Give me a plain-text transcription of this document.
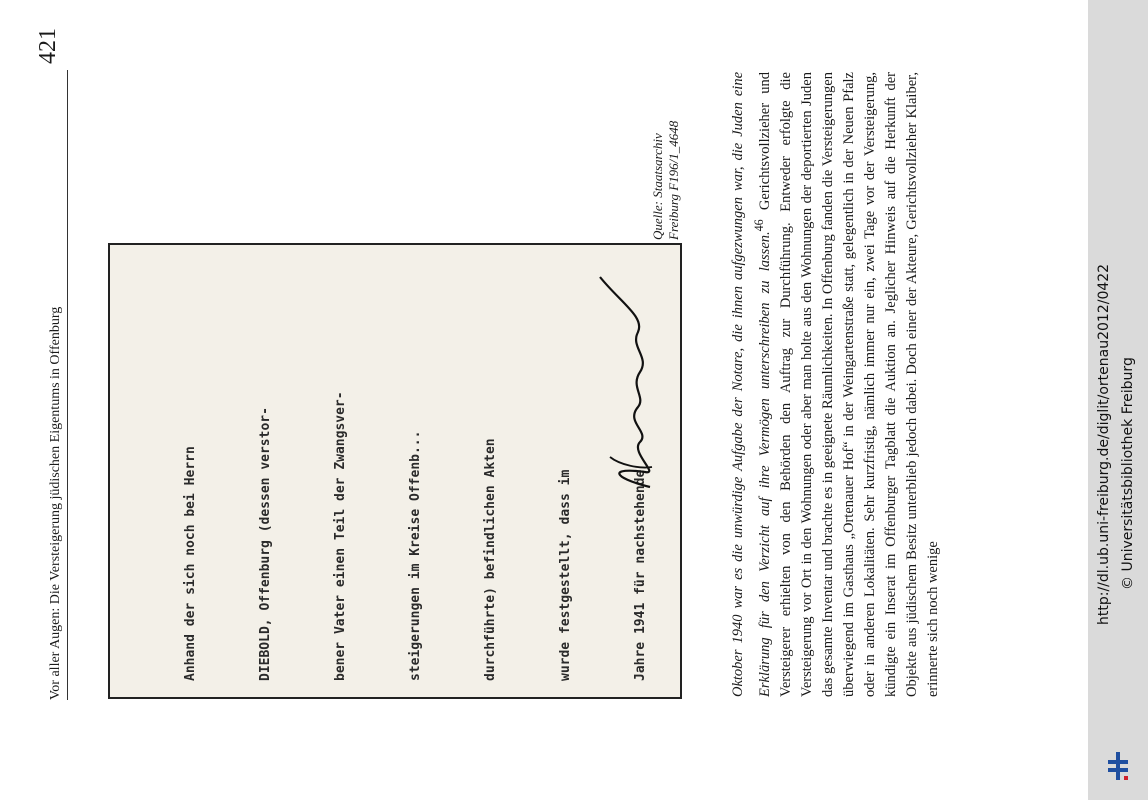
Vor aller Augen: Die Versteigerung jüdischen Eigentums in Offenburg
421

Anhand der sich noch bei Herrn

	DIEBOLD, Offenburg (dessen verstor-

	bener Vater einen Teil der Zwangsver-

	steigerungen im Kreise Offenb...

	durchführte) befindlichen Akten

	wurde festgestellt, dass im

	Jahre 1941 für nachstehende

Quelle: Staatsarchiv Freiburg F196/1_4648	Oktober 1940 war es die unwürdige Aufgabe der Notare, die ihnen aufgezwungen war, die Juden eine Erklärung für den Verzicht auf ihre Vermögen unterschreiben zu lassen.$^{46}$ Gerichtsvollzieher und Versteigerer erhielten von den Behörden den Auftrag zur Durchführung. Entweder erfolgte die Versteigerung vor Ort in den Wohnungen oder aber man holte aus den Wohnungen der deportierten Juden das gesamte Inventar und brachte es in geeignete Räumlichkeiten. In Offenburg fanden die Versteigerungen überwiegend im Gasthaus „Ortenauer Hof“ in der Weingartenstraße statt, gelegentlich in der Neuen Pfalz oder in anderen Lokalitäten. Sehr kurzfristig, nämlich immer nur ein, zwei Tage vor der Versteigerung, kündigte ein Inserat im Offenburger Tagblatt die Auktion an. Jeglicher Hinweis auf die Herkunft der Objekte aus jüdischem Besitz unterblieb jedoch dabei. Doch einer der Akteure, Gerichtsvollzieher Klaiber, erinnerte sich noch wenige	http://dl.ub.uni-freiburg.de/diglit/ortenau2012/0422 © Universitätsbibliothek Freiburg
